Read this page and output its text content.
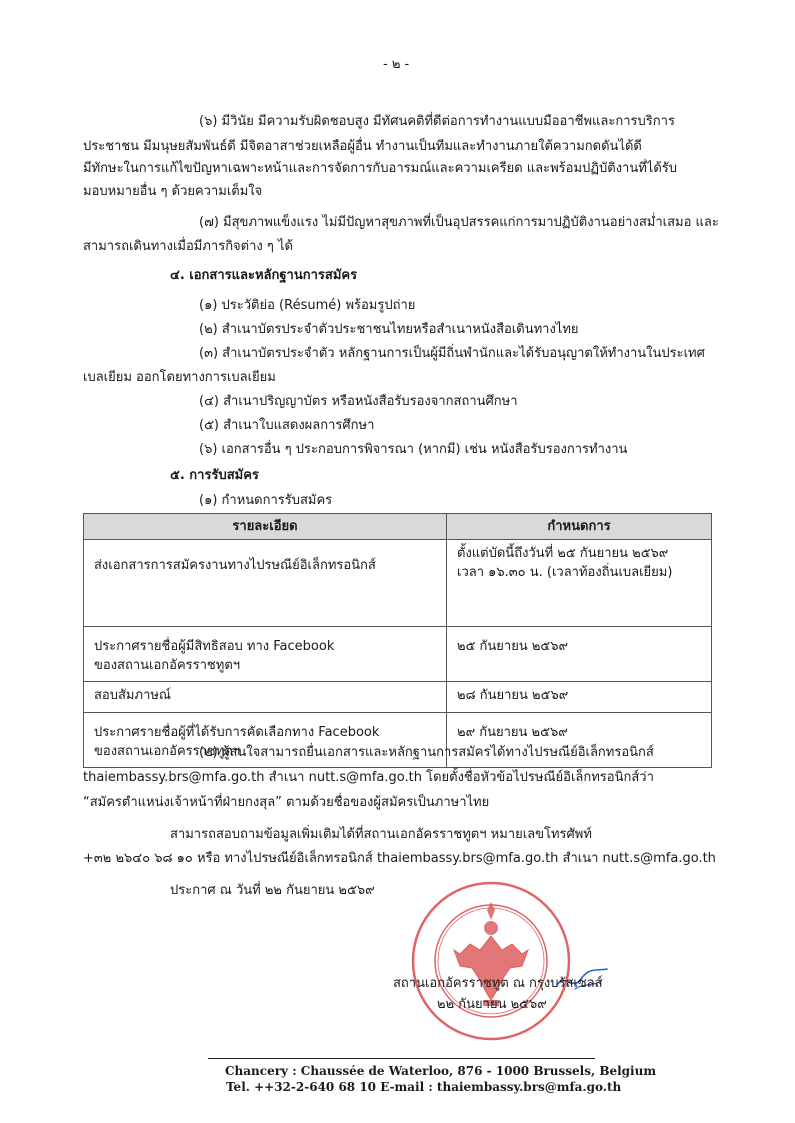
- ๒ -
(๖) มีวินัย มีความรับผิดชอบสูง มีทัศนคติที่ดีต่อการทำงานแบบมืออาชีพและการบริการ
ประชาชน มีมนุษยสัมพันธ์ดี มีจิตอาสาช่วยเหลือผู้อื่น ทำงานเป็นทีมและทำงานภายใต้ความกดดันได้ดี
มีทักษะในการแก้ไขปัญหาเฉพาะหน้าและการจัดการกับอารมณ์และความเครียด และพร้อมปฏิบัติงานที่ได้รับ
มอบหมายอื่น ๆ ด้วยความเต็มใจ
(๗) มีสุขภาพแข็งแรง ไม่มีปัญหาสุขภาพที่เป็นอุปสรรคแก่การมาปฏิบัติงานอย่างสม่ำเสมอ และ
สามารถเดินทางเมื่อมีภารกิจต่าง ๆ ได้
๔. เอกสารและหลักฐานการสมัคร
(๑) ประวัติย่อ (Résumé) พร้อมรูปถ่าย
(๒) สำเนาบัตรประจำตัวประชาชนไทยหรือสำเนาหนังสือเดินทางไทย
(๓) สำเนาบัตรประจำตัว หลักฐานการเป็นผู้มีถิ่นพำนักและได้รับอนุญาตให้ทำงานในประเทศ
เบลเยียม ออกโดยทางการเบลเยียม
(๔) สำเนาปริญญาบัตร หรือหนังสือรับรองจากสถานศึกษา
(๕) สำเนาใบแสดงผลการศึกษา
(๖) เอกสารอื่น ๆ ประกอบการพิจารณา (หากมี) เช่น หนังสือรับรองการทำงาน
๕. การรับสมัคร
(๑) กำหนดการรับสมัคร
รายละเอียด	กำหนดการ
ส่งเอกสารการสมัครงานทางไปรษณีย์อิเล็กทรอนิกส์	ตั้งแต่บัดนี้ถึงวันที่ ๒๕ กันยายน ๒๕๖๙
เวลา ๑๖.๓๐ น. (เวลาท้องถิ่นเบลเยียม)

ประกาศรายชื่อผู้มีสิทธิสอบ ทาง Facebook
ของสถานเอกอัครราชทูตฯ	๒๕ กันยายน ๒๕๖๙

สอบสัมภาษณ์	๒๘ กันยายน ๒๕๖๙

ประกาศรายชื่อผู้ที่ได้รับการคัดเลือกทาง Facebook
ของสถานเอกอัครราชทูตฯ	๒๙ กันยายน ๒๕๖๙
(๒) ผู้สนใจสามารถยื่นเอกสารและหลักฐานการสมัครได้ทางไปรษณีย์อิเล็กทรอนิกส์
thaiembassy.brs@mfa.go.th สำเนา nutt.s@mfa.go.th โดยตั้งชื่อหัวข้อไปรษณีย์อิเล็กทรอนิกส์ว่า
“สมัครตำแหน่งเจ้าหน้าที่ฝ่ายกงสุล” ตามด้วยชื่อของผู้สมัครเป็นภาษาไทย
สามารถสอบถามข้อมูลเพิ่มเติมได้ที่สถานเอกอัครราชทูตฯ หมายเลขโทรศัพท์
+๓๒ ๒๖๔๐ ๖๘ ๑๐ หรือ ทางไปรษณีย์อิเล็กทรอนิกส์ thaiembassy.brs@mfa.go.th สำเนา nutt.s@mfa.go.th
ประกาศ ณ วันที่ ๒๒ กันยายน ๒๕๖๙
สถานเอกอัครราชทูต ณ กรุงบรัสเซลส์
๒๒ กันยายน ๒๕๖๙
Chancery : Chaussée de Waterloo, 876 - 1000 Brussels, Belgium
Tel. ++32-2-640 68 10 E-mail : thaiembassy.brs@mfa.go.th
